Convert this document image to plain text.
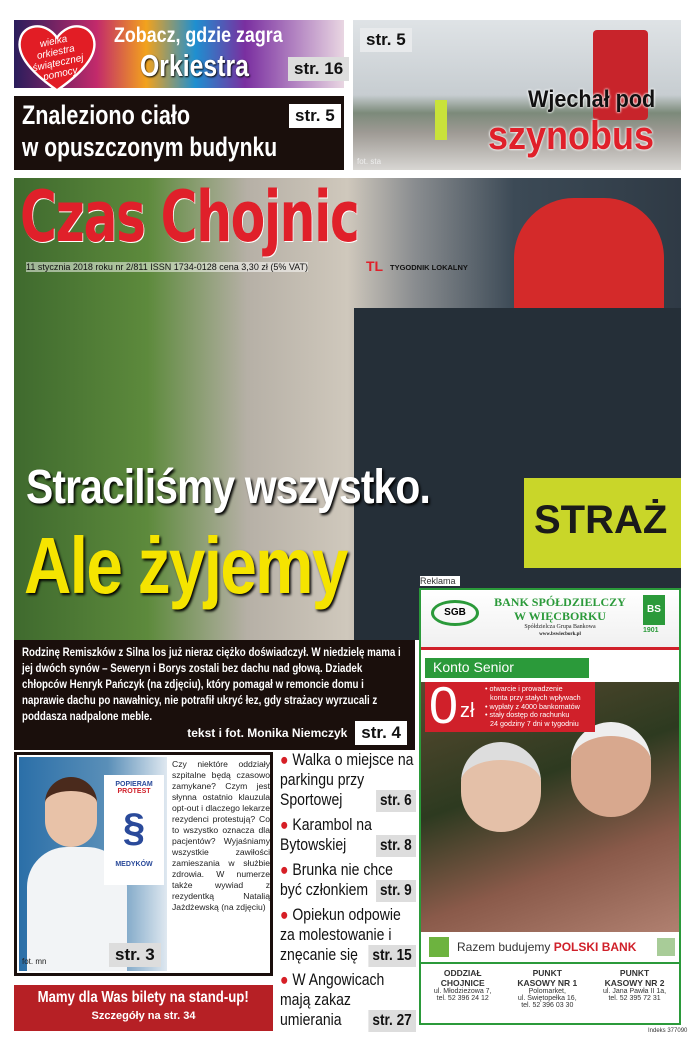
wielka orkiestra świątecznej pomocy
Zobacz, gdzie zagra
Orkiestra	str. 16
Znaleziono ciało
w opuszczonym budynku
str. 5
str. 5
Wjechał pod
szynobus
fot. sta
STRAŻ
Czas Chojnic
11 stycznia 2018 roku nr 2/811 ISSN 1734-0128 cena 3,30 zł (5% VAT)	TL TYGODNIK LOKALNY
Straciliśmy wszystko.
Ale żyjemy
Rodzinę Remiszków z Silna los już nieraz ciężko doświadczył. W niedzielę mama i jej dwóch synów – Seweryn i Borys zostali bez dachu nad głową. Dziadek chłopców Henryk Pańczyk (na zdjęciu), który pomagał w remoncie domu i naprawie dachu po nawałnicy, nie potrafił ukryć łez, gdy strażacy wyrzucali z poddasza nadpalone meble.
tekst i fot. Monika Niemczyk str. 4
POPIERAM
PROTEST
§
MEDYKÓW
fot. mn
Czy niektóre oddziały szpitalne będą czasowo zamykane? Czym jest słynna ostatnio klauzula opt-out i dlaczego lekarze rezydenci protestują? Co to wszystko oznacza dla pacjentów? Wyjaśniamy wszystkie zawiłości zamieszania w służbie zdrowia. W numerze także wywiad z rezydentką Natalią Jażdżewską (na zdjęciu)
str. 3
Mamy dla Was bilety na stand-up!
Szczegóły na str. 34
● Walka o miejsce na parkingu przy Sportowej str. 6
● Karambol na Bytowskiej str. 8
● Brunka nie chce być członkiem str. 9
● Opiekun odpowie za molestowanie i znęcanie się str. 15
● W Angowicach mają zakaz umierania str. 27
Reklama
SGB
BANK SPÓŁDZIELCZY
W WIĘCBORKU
Spółdzielcza Grupa Bankowa
www.bswiecbork.pl
BS
1901
Konto Senior
0 zł
• otwarcie i prowadzenie
konta przy stałych wpływach
• wypłaty z 4000 bankomatów
• stały dostęp do rachunku
24 godziny 7 dni w tygodniu
Razem budujemy POLSKI BANK
ODDZIAŁ
CHOJNICE
ul. Młodzieżowa 7,
tel. 52 396 24 12
PUNKT
KASOWY NR 1
Polomarket,
ul. Świętopełka 16,
tel. 52 396 03 30
PUNKT
KASOWY NR 2
ul. Jana Pawła II 1a,
tel. 52 395 72 31
Indeks 377090
